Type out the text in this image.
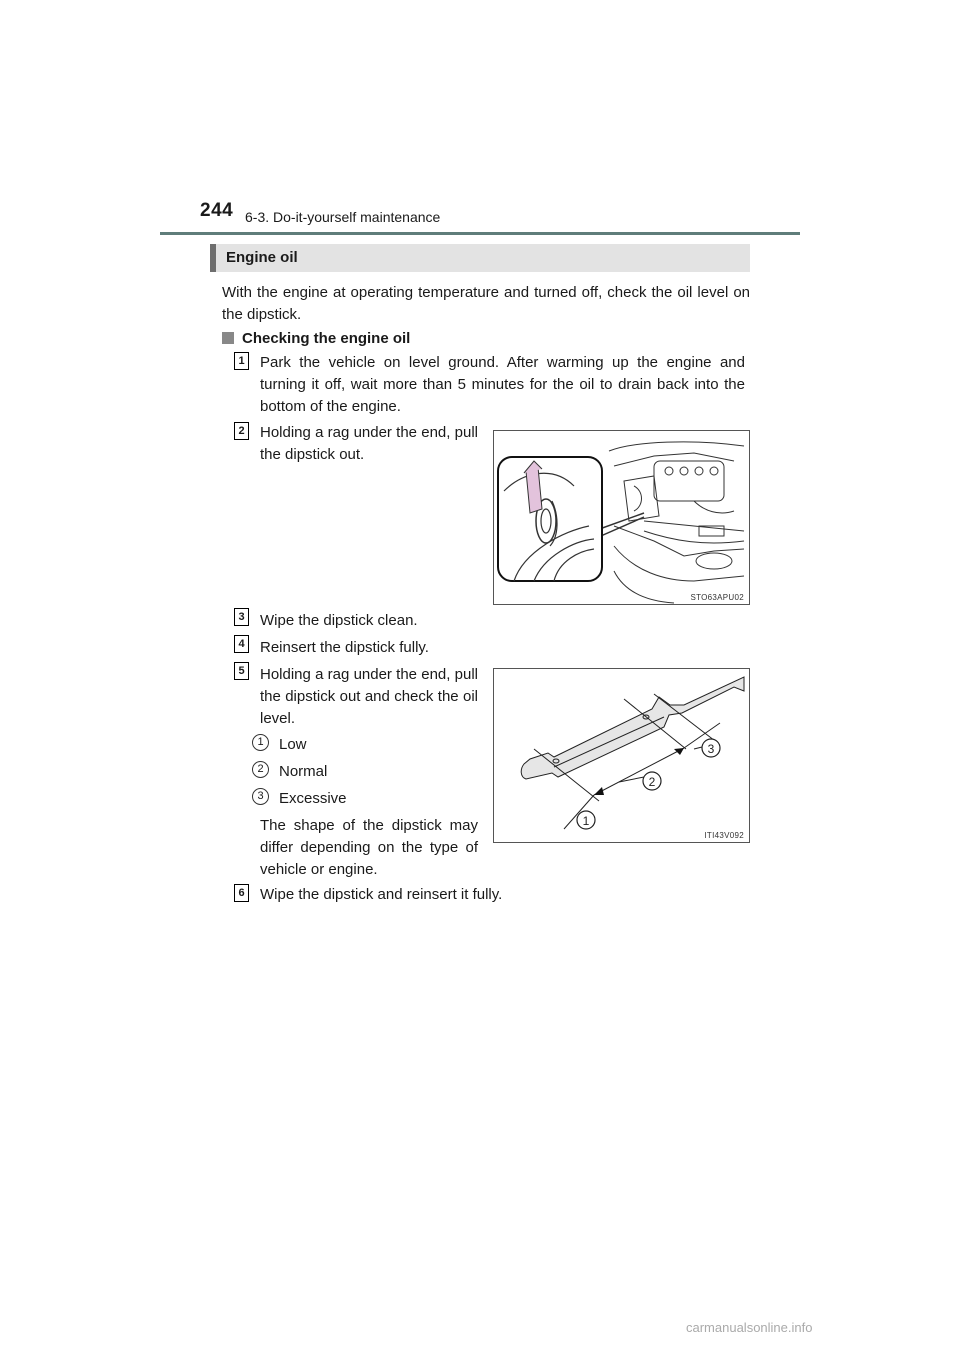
244 6-3. Do-it-yourself maintenance
Engine oil
With the engine at operating temperature and turned off, check the oil level on the dipstick.
Checking the engine oil
1 Park the vehicle on level ground. After warming up the engine and turning it off, wait more than 5 minutes for the oil to drain back into the bottom of the engine.
2 Holding a rag under the end, pull the dipstick out.
STO63APU02
3 Wipe the dipstick clean.
4 Reinsert the dipstick fully.
5 Holding a rag under the end, pull the dipstick out and check the oil level.
1	Low
2	Normal
3	Excessive
The shape of the dipstick may differ depending on the type of vehicle or engine.
1
2
3
ITI43V092
6 Wipe the dipstick and reinsert it fully.
carmanualsonline.info
